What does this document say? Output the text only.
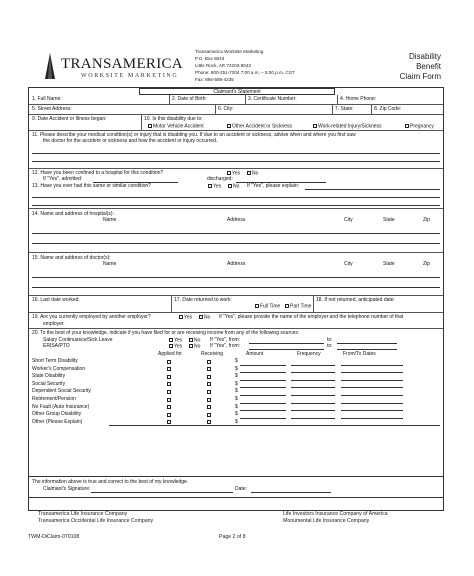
TRANSAMERICA
WORKSITE MARKETING
Transamerica Worksite Marketing
P.O. Box 8043
Little Rock, AR 72203-8043
Phone: 800-251-7204 7:00 a.m. – 5:00 p.m. CST
Fax: 866-588-4235
Disability
Benefit
Claim Form
Claimant's Statement
1. Full Name:	2. Date of Birth:	3. Certificate Number:	4. Home Phone:
5. Street Address:	6. City:	7. State:	8. Zip Code:
9. Date Accident or Illness began:	10. Is this disability due to:
Motor Vehicle Accident	Other Accident or Sickness	Work-related Injury/Sickness	Pregnancy
11. Please describe your medical condition(s) or injury that is disabling you. If due to an accident or sickness, advise when and where you first saw
the doctor for the accident or sickness and how the accident or injury occurred.
12. Have you been confined to a hospital for this condition?	Yes	No
If "Yes", admitted:	discharged:
13. Have you ever had this same or similar condition?	Yes	No If "Yes", please explain:
14. Name and address of hospital(s):
Name	Address	City	State	Zip
15. Name and address of doctor(s):
Name	Address	City	State	Zip
16. Last date worked:	17. Date returned to work:
Full Time	Part Time
18. If not returned, anticipated date:
19. Are you currently employed by another employer?	Yes	No If "Yes", please provide the name of the employer and the telephone number of that
employer.
20. To the best of your knowledge, indicate if you have filed for or are receiving income from any of the following sources:
Salary Continuance/Sick Leave
ERISA/PTO
Yes	No If "Yes", from:	to:
Yes	No If "Yes", from:	to:
Applied for	Receiving	Amount	Frequency	From/To Dates
Short Term Disability	$
Worker's Compensation	$
State Disability	$
Social Security	$
Dependent Social Security	$
Retirement/Pension	$
No Fault (Auto Insurance)	$
Other Group Disability	$
Other (Please Explain)	$
The information above is true and correct to the best of my knowledge.
Claimant's Signature:	Date:
Transamerica Life Insurance Company
Transamerica Occidental Life Insurance Company
Life Investors Insurance Company of America
Monumental Life Insurance Company
TWM-DiClaim-070108	Page 2 of 8
